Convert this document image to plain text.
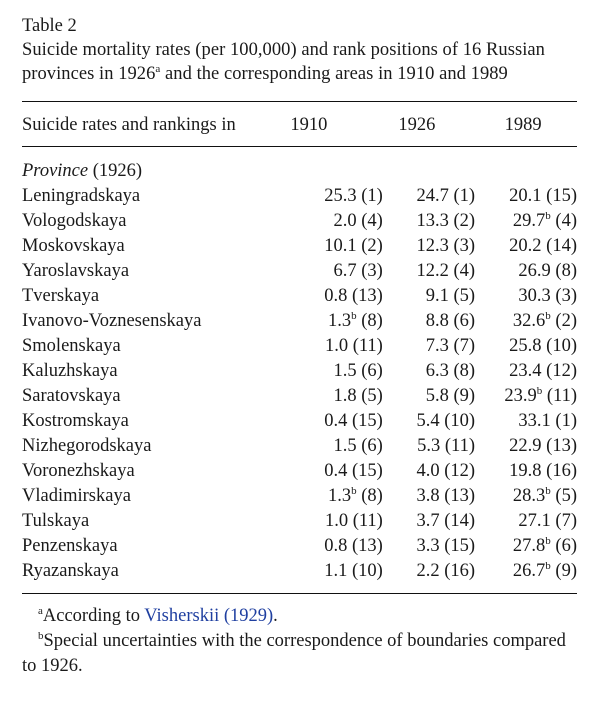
Table 2
Suicide mortality rates (per 100,000) and rank positions of 16 Russian provinces in 1926$^a$ and the corresponding areas in 1910 and 1989
Suicide rates and rankings in	1910	1926	1989
Province (1926)
Leningradskaya	25.3 (1)	24.7 (1)	20.1 (15)
Vologodskaya	2.0 (4)	13.3 (2)	29.7$^b$ (4)
Moskovskaya	10.1 (2)	12.3 (3)	20.2 (14)
Yaroslavskaya	6.7 (3)	12.2 (4)	26.9 (8)
Tverskaya	0.8 (13)	9.1 (5)	30.3 (3)
Ivanovo-Voznesenskaya	1.3$^b$ (8)	8.8 (6)	32.6$^b$ (2)
Smolenskaya	1.0 (11)	7.3 (7)	25.8 (10)
Kaluzhskaya	1.5 (6)	6.3 (8)	23.4 (12)
Saratovskaya	1.8 (5)	5.8 (9)	23.9$^b$ (11)
Kostromskaya	0.4 (15)	5.4 (10)	33.1 (1)
Nizhegorodskaya	1.5 (6)	5.3 (11)	22.9 (13)
Voronezhskaya	0.4 (15)	4.0 (12)	19.8 (16)
Vladimirskaya	1.3$^b$ (8)	3.8 (13)	28.3$^b$ (5)
Tulskaya	1.0 (11)	3.7 (14)	27.1 (7)
Penzenskaya	0.8 (13)	3.3 (15)	27.8$^b$ (6)
Ryazanskaya	1.1 (10)	2.2 (16)	26.7$^b$ (9)
$^a$According to Visherskii (1929).
$^b$Special uncertainties with the correspondence of boundaries compared to 1926.
